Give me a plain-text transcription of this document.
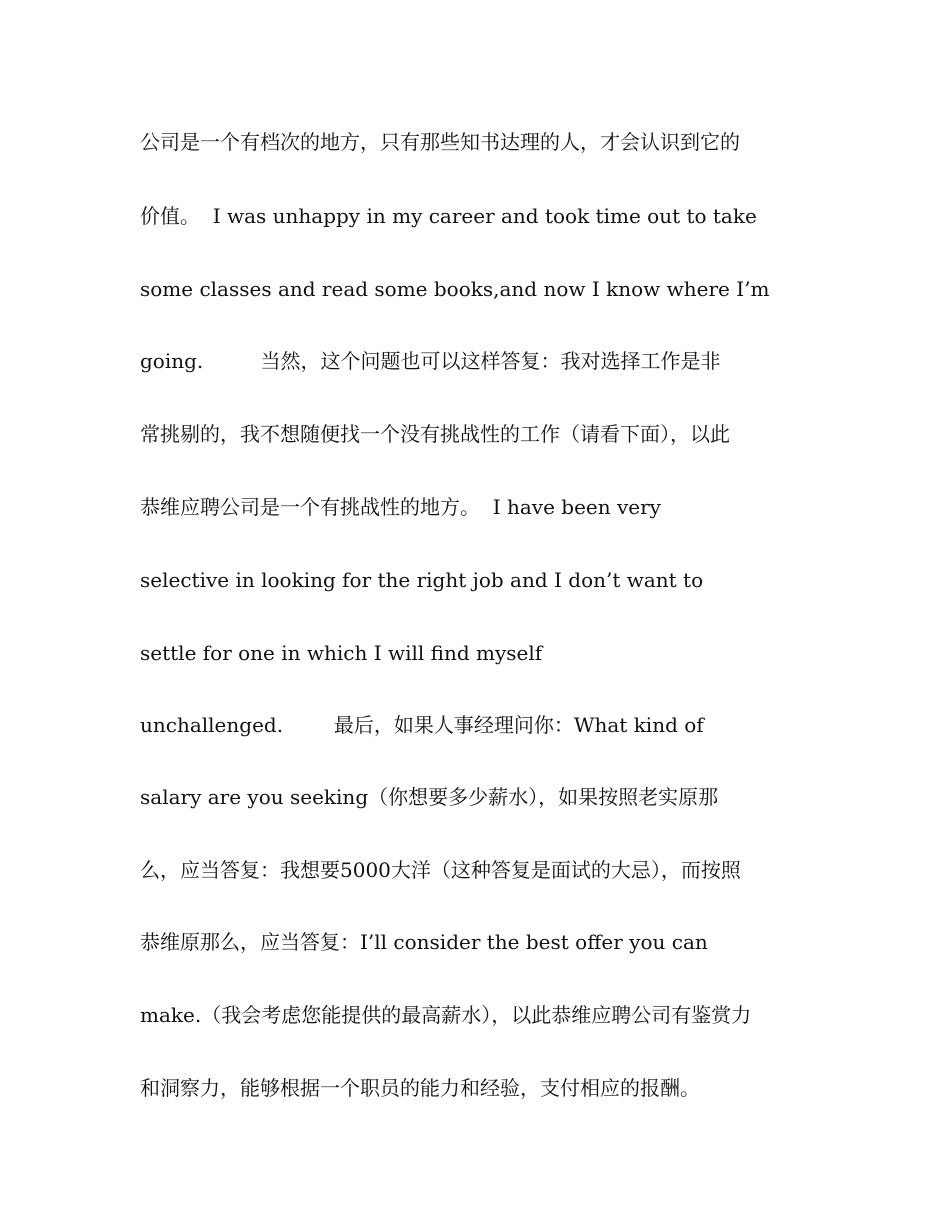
公司是一个有档次的地方，只有那些知书达理的人，才会认识到它的
价值。  I was unhappy in my career and took time out to take
some classes and read some books,and now I know where I’m
going.         当然，这个问题也可以这样答复：我对选择工作是非
常挑剔的，我不想随便找一个没有挑战性的工作（请看下面），以此
恭维应聘公司是一个有挑战性的地方。  I have been very
selective in looking for the right job and I don’t want to
settle for one in which I will find myself
unchallenged.        最后，如果人事经理问你：What kind of
salary are you seeking（你想要多少薪水），如果按照老实原那
么，应当答复：我想要5000大洋（这种答复是面试的大忌），而按照
恭维原那么，应当答复：I’ll consider the best offer you can
make.（我会考虑您能提供的最高薪水），以此恭维应聘公司有鉴赏力
和洞察力，能够根据一个职员的能力和经验，支付相应的报酬。
